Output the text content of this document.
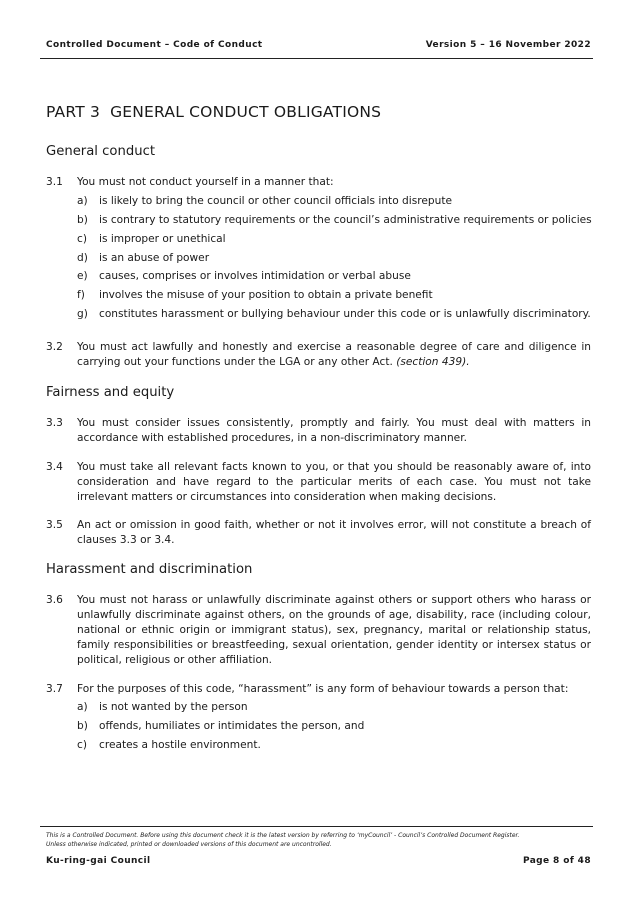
Controlled Document – Code of Conduct	Version 5 – 16 November 2022
PART 3 GENERAL CONDUCT OBLIGATIONS
General conduct
3.1 You must not conduct yourself in a manner that:
a) is likely to bring the council or other council officials into disrepute
b) is contrary to statutory requirements or the council’s administrative requirements or policies
c) is improper or unethical
d) is an abuse of power
e) causes, comprises or involves intimidation or verbal abuse
f) involves the misuse of your position to obtain a private benefit
g) constitutes harassment or bullying behaviour under this code or is unlawfully discriminatory.
3.2 You must act lawfully and honestly and exercise a reasonable degree of care and diligence in carrying out your functions under the LGA or any other Act. (section 439).
Fairness and equity
3.3 You must consider issues consistently, promptly and fairly. You must deal with matters in accordance with established procedures, in a non-discriminatory manner.
3.4 You must take all relevant facts known to you, or that you should be reasonably aware of, into consideration and have regard to the particular merits of each case. You must not take irrelevant matters or circumstances into consideration when making decisions.
3.5 An act or omission in good faith, whether or not it involves error, will not constitute a breach of clauses 3.3 or 3.4.
Harassment and discrimination
3.6 You must not harass or unlawfully discriminate against others or support others who harass or unlawfully discriminate against others, on the grounds of age, disability, race (including colour, national or ethnic origin or immigrant status), sex, pregnancy, marital or relationship status, family responsibilities or breastfeeding, sexual orientation, gender identity or intersex status or political, religious or other affiliation.
3.7 For the purposes of this code, “harassment” is any form of behaviour towards a person that:
a) is not wanted by the person
b) offends, humiliates or intimidates the person, and
c) creates a hostile environment.
This is a Controlled Document. Before using this document check it is the latest version by referring to ‘myCouncil’ - Council’s Controlled Document Register.
Unless otherwise indicated, printed or downloaded versions of this document are uncontrolled.
Ku-ring-gai Council	Page 8 of 48
